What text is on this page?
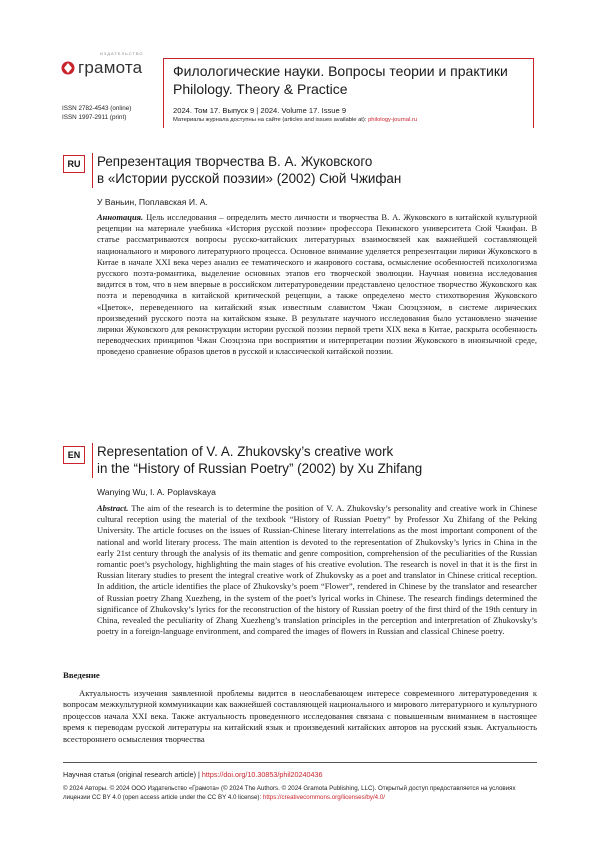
ИЗДАТЕЛЬСТВО
грамота
ISSN 2782-4543 (online)
ISSN 1997-2911 (print)
Филологические науки. Вопросы теории и практики
Philology. Theory & Practice
2024. Том 17. Выпуск 9 | 2024. Volume 17. Issue 9
Материалы журнала доступны на сайте (articles and issues available at): philology-journal.ru
RU	Репрезентация творчества В. А. Жуковского
в «Истории русской поэзии» (2002) Сюй Чжифан
У Ваньин, Поплавская И. А.
Аннотация. Цель исследования – определить место личности и творчества В. А. Жуковского в китайской культурной рецепции на материале учебника «История русской поэзии» профессора Пекинского университета Сюй Чжифан. В статье рассматриваются вопросы русско-китайских литературных взаимосвязей как важнейшей составляющей национального и мирового литературного процесса. Основное внимание уделяется репрезентации лирики Жуковского в Китае в начале XXI века через анализ ее тематического и жанрового состава, осмысление особенностей психологизма русского поэта-романтика, выделение основных этапов его творческой эволюции. Научная новизна исследования видится в том, что в нем впервые в российском литературоведении представлено целостное творчество Жуковского как поэта и переводчика в китайской критической рецепции, а также определено место стихотворения Жуковского «Цветок», переведенного на китайский язык известным славистом Чжан Сюэцзэном, в системе лирических произведений русского поэта на китайском языке. В результате научного исследования было установлено значение лирики Жуковского для реконструкции истории русской поэзии первой трети XIX века в Китае, раскрыта особенность переводческих принципов Чжан Сюэцзэна при восприятии и интерпретации поэзии Жуковского в иноязычной среде, проведено сравнение образов цветов в русской и классической китайской поэзии.
EN	Representation of V. A. Zhukovsky’s creative work
in the “History of Russian Poetry” (2002) by Xu Zhifang
Wanying Wu, I. A. Poplavskaya
Abstract. The aim of the research is to determine the position of V. A. Zhukovsky’s personality and creative work in Chinese cultural reception using the material of the textbook “History of Russian Poetry” by Professor Xu Zhifang of the Peking University. The article focuses on the issues of Russian-Chinese literary interrelations as the most important component of the national and world literary process. The main attention is devoted to the representation of Zhukovsky’s lyrics in China in the early 21st century through the analysis of its thematic and genre composition, comprehension of the peculiarities of the Russian romantic poet’s psychology, highlighting the main stages of his creative evolution. The research is novel in that it is the first in Russian literary studies to present the integral creative work of Zhukovsky as a poet and translator in Chinese critical reception. In addition, the article identifies the place of Zhukovsky’s poem “Flower”, rendered in Chinese by the translator and researcher of Russian poetry Zhang Xuezheng, in the system of the poet’s lyrical works in Chinese. The research findings determined the significance of Zhukovsky’s lyrics for the reconstruction of the history of Russian poetry of the first third of the 19th century in China, revealed the peculiarity of Zhang Xuezheng’s translation principles in the perception and interpretation of Zhukovsky’s poetry in a foreign-language environment, and compared the images of flowers in Russian and classical Chinese poetry.
Введение
Актуальность изучения заявленной проблемы видится в неослабевающем интересе современного литературоведения к вопросам межкультурной коммуникации как важнейшей составляющей национального и мирового литературного и культурного процессов начала XXI века. Также актуальность проведенного исследования связана с повышенным вниманием в настоящее время к переводам русской литературы на китайский язык и произведений китайских авторов на русский язык. Актуальность всестороннего осмысления творчества
Научная статья (original research article) | https://doi.org/10.30853/phil20240436
© 2024 Авторы. © 2024 ООО Издательство «Грамота» (© 2024 The Authors. © 2024 Gramota Publishing, LLC). Открытый доступ предоставляется на условиях лицензии CC BY 4.0 (open access article under the CC BY 4.0 license): https://creativecommons.org/licenses/by/4.0/
